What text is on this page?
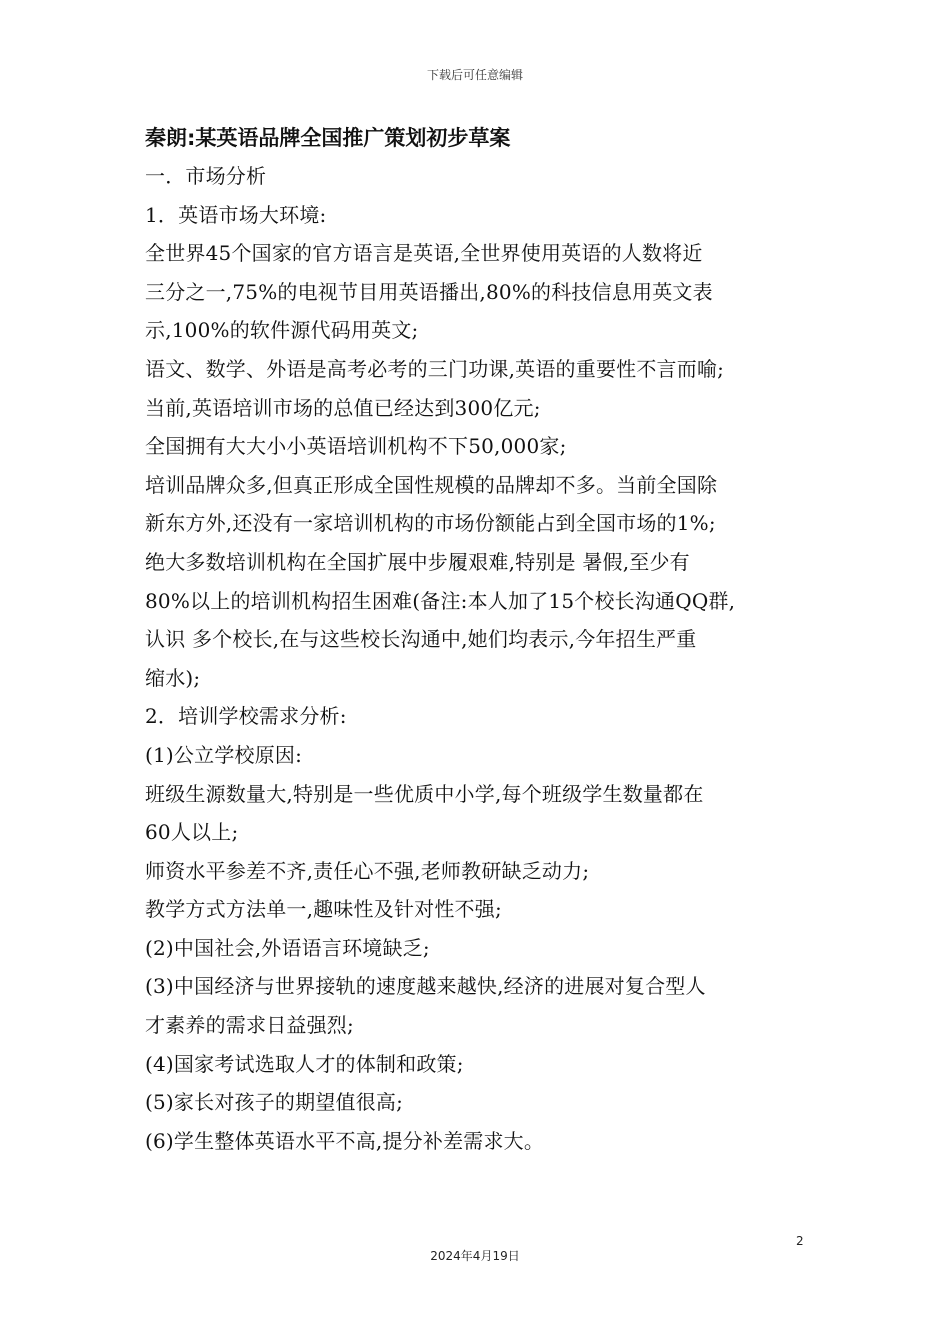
下载后可任意编辑
秦朗:某英语品牌全国推广策划初步草案
一．市场分析
1．英语市场大环境:
全世界45个国家的官方语言是英语,全世界使用英语的人数将近
三分之一,75%的电视节目用英语播出,80%的科技信息用英文表
示,100%的软件源代码用英文;
语文、数学、外语是高考必考的三门功课,英语的重要性不言而喻;
当前,英语培训市场的总值已经达到300亿元;
全国拥有大大小小英语培训机构不下50,000家;
培训品牌众多,但真正形成全国性规模的品牌却不多。当前全国除
新东方外,还没有一家培训机构的市场份额能占到全国市场的1%;
绝大多数培训机构在全国扩展中步履艰难,特别是 暑假,至少有
80%以上的培训机构招生困难(备注:本人加了15个校长沟通QQ群,
认识 多个校长,在与这些校长沟通中,她们均表示,今年招生严重
缩水);
2．培训学校需求分析:
(1)公立学校原因:
班级生源数量大,特别是一些优质中小学,每个班级学生数量都在
60人以上;
师资水平参差不齐,责任心不强,老师教研缺乏动力;
教学方式方法单一,趣味性及针对性不强;
(2)中国社会,外语语言环境缺乏;
(3)中国经济与世界接轨的速度越来越快,经济的进展对复合型人
才素养的需求日益强烈;
(4)国家考试选取人才的体制和政策;
(5)家长对孩子的期望值很高;
(6)学生整体英语水平不高,提分补差需求大。
2
2024年4月19日
